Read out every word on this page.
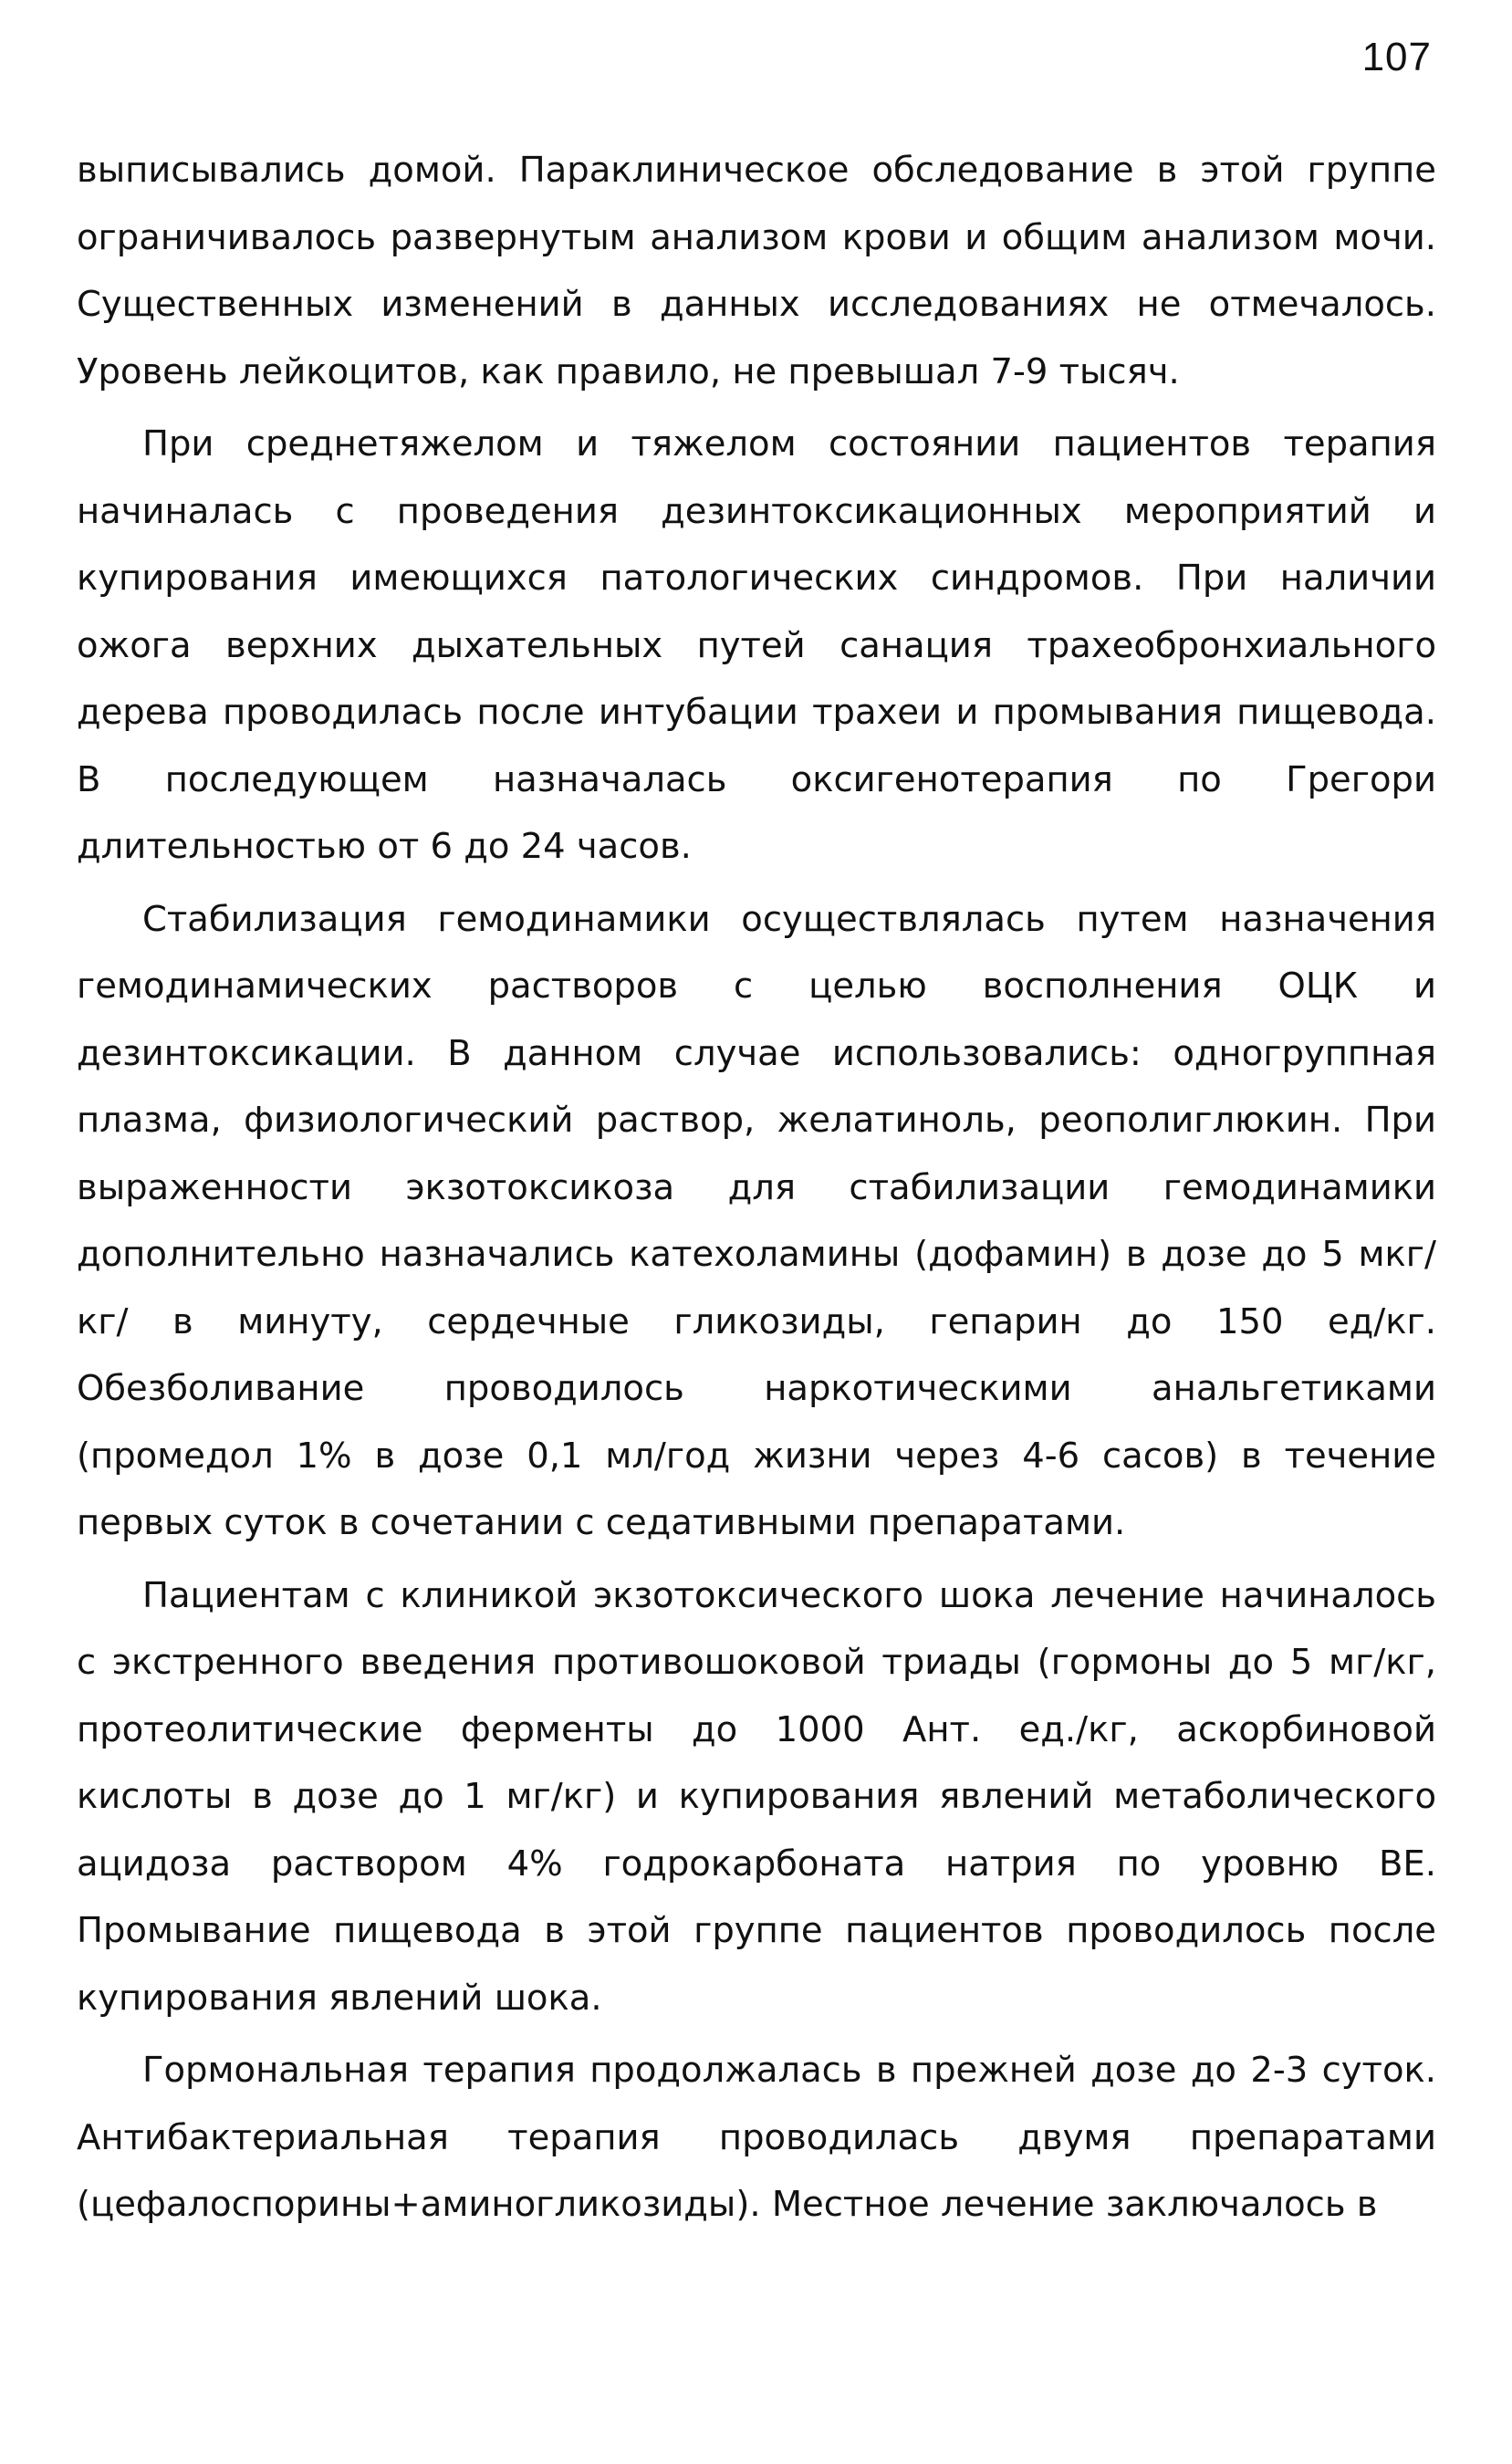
107

выписывались домой. Параклиническое обследование в этой группе ограничивалось развернутым анализом крови и общим анализом мочи. Существенных изменений в данных исследованиях не отмечалось. Уровень лейкоцитов, как правило, не превышал 7-9 тысяч.

При среднетяжелом и тяжелом состоянии пациентов терапия начиналась с проведения дезинтоксикационных мероприятий и купирования имеющихся патологических синдромов. При наличии ожога верхних дыхательных путей санация трахеобронхиального дерева проводилась после интубации трахеи и промывания пищевода. В последующем назначалась оксигенотерапия по Грегори длительностью от 6 до 24 часов.

Стабилизация гемодинамики осуществлялась путем назначения гемодинамических растворов с целью восполнения ОЦК и дезинтоксикации. В данном случае использовались: одногруппная плазма, физиологический раствор, желатиноль, реополиглюкин. При выраженности экзотоксикоза для стабилизации гемодинамики дополнительно назначались катехоламины (дофамин) в дозе до 5 мкг/кг/ в минуту, сердечные гликозиды, гепарин до 150 ед/кг. Обезболивание проводилось наркотическими анальгетиками (промедол 1% в дозе 0,1 мл/год жизни через 4-6 сасов) в течение первых суток в сочетании с седативными препаратами.

Пациентам с клиникой экзотоксического шока лечение начиналось с экстренного введения противошоковой триады (гормоны до 5 мг/кг, протеолитические ферменты до 1000 Ант. ед./кг, аскорбиновой кислоты в дозе до 1 мг/кг) и купирования явлений метаболического ацидоза раствором 4% годрокарбоната натрия по уровню ВЕ. Промывание пищевода в этой группе пациентов проводилось после купирования явлений шока.

Гормональная терапия продолжалась в прежней дозе до 2-3 суток. Антибактериальная терапия проводилась двумя препаратами (цефалоспорины+аминогликозиды). Местное лечение заключалось в
